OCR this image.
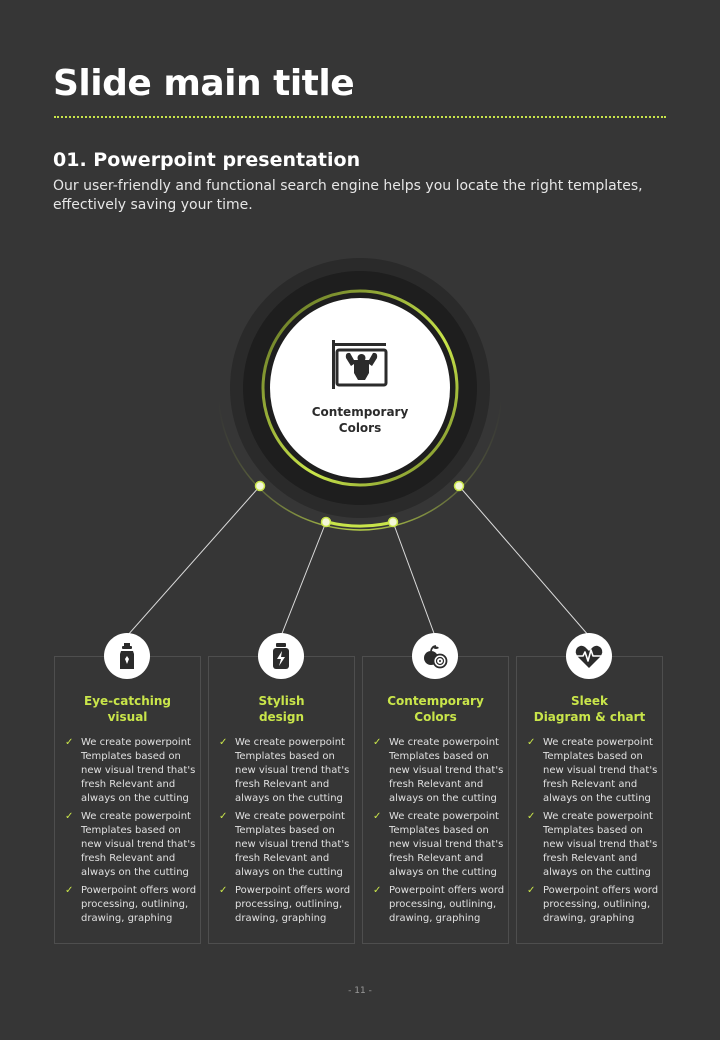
Slide main title
01. Powerpoint presentation

Our user-friendly and functional search engine helps you locate the right templates, effectively saving your time.

Contemporary
Colors
Eye-catching
visual
✓ We create powerpoint Templates based on new visual trend that's fresh Relevant and always on the cutting
✓ We create powerpoint Templates based on new visual trend that's fresh Relevant and always on the cutting
✓ Powerpoint offers word processing, outlining, drawing, graphing
Stylish
design
✓ We create powerpoint Templates based on new visual trend that's fresh Relevant and always on the cutting
✓ We create powerpoint Templates based on new visual trend that's fresh Relevant and always on the cutting
✓ Powerpoint offers word processing, outlining, drawing, graphing
Contemporary
Colors
✓ We create powerpoint Templates based on new visual trend that's fresh Relevant and always on the cutting
✓ We create powerpoint Templates based on new visual trend that's fresh Relevant and always on the cutting
✓ Powerpoint offers word processing, outlining, drawing, graphing
Sleek
Diagram & chart
✓ We create powerpoint Templates based on new visual trend that's fresh Relevant and always on the cutting
✓ We create powerpoint Templates based on new visual trend that's fresh Relevant and always on the cutting
✓ Powerpoint offers word processing, outlining, drawing, graphing
- 11 -
